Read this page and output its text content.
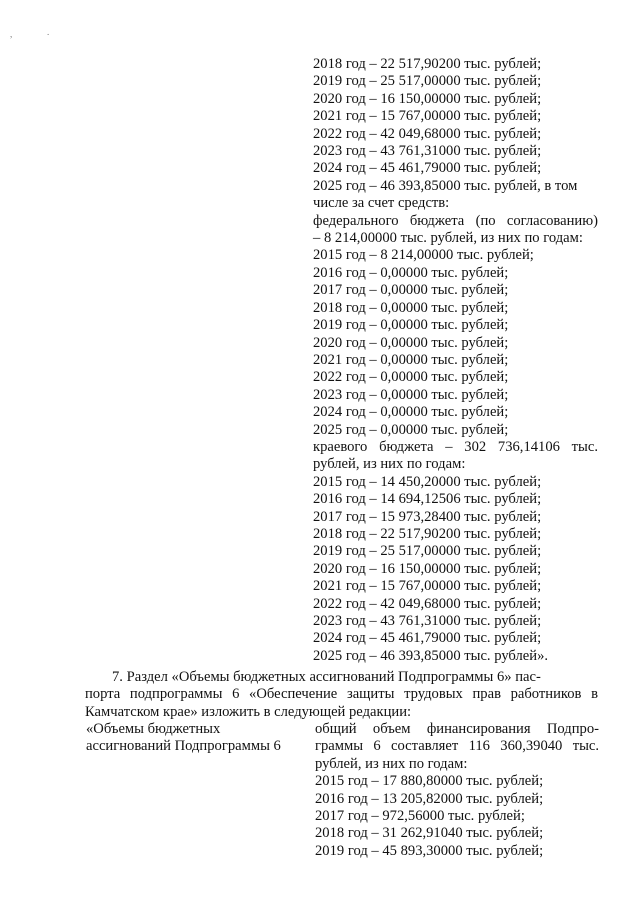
,	.
2018 год – 22 517,90200 тыс. рублей;
2019 год – 25 517,00000 тыс. рублей;
2020 год – 16 150,00000 тыс. рублей;
2021 год – 15 767,00000 тыс. рублей;
2022 год – 42 049,68000 тыс. рублей;
2023 год – 43 761,31000 тыс. рублей;
2024 год – 45 461,79000 тыс. рублей;
2025 год – 46 393,85000 тыс. рублей, в том
числе за счет средств:
федерального бюджета (по согласованию)
– 8 214,00000 тыс. рублей, из них по годам:
2015 год – 8 214,00000 тыс. рублей;
2016 год – 0,00000 тыс. рублей;
2017 год – 0,00000 тыс. рублей;
2018 год – 0,00000 тыс. рублей;
2019 год – 0,00000 тыс. рублей;
2020 год – 0,00000 тыс. рублей;
2021 год – 0,00000 тыс. рублей;
2022 год – 0,00000 тыс. рублей;
2023 год – 0,00000 тыс. рублей;
2024 год – 0,00000 тыс. рублей;
2025 год – 0,00000 тыс. рублей;
краевого бюджета – 302 736,14106 тыс.
рублей, из них по годам:
2015 год – 14 450,20000 тыс. рублей;
2016 год – 14 694,12506 тыс. рублей;
2017 год – 15 973,28400 тыс. рублей;
2018 год – 22 517,90200 тыс. рублей;
2019 год – 25 517,00000 тыс. рублей;
2020 год – 16 150,00000 тыс. рублей;
2021 год – 15 767,00000 тыс. рублей;
2022 год – 42 049,68000 тыс. рублей;
2023 год – 43 761,31000 тыс. рублей;
2024 год – 45 461,79000 тыс. рублей;
2025 год – 46 393,85000 тыс. рублей».
7. Раздел «Объемы бюджетных ассигнований Подпрограммы 6» пас-
порта подпрограммы 6 «Обеспечение защиты трудовых прав работников в
Камчатском крае» изложить в следующей редакции:
«Объемы бюджетных
ассигнований Подпрограммы 6
общий объем финансирования Подпро-
граммы 6 составляет 116 360,39040 тыс.
рублей, из них по годам:
2015 год – 17 880,80000 тыс. рублей;
2016 год – 13 205,82000 тыс. рублей;
2017 год – 972,56000 тыс. рублей;
2018 год – 31 262,91040 тыс. рублей;
2019 год – 45 893,30000 тыс. рублей;
